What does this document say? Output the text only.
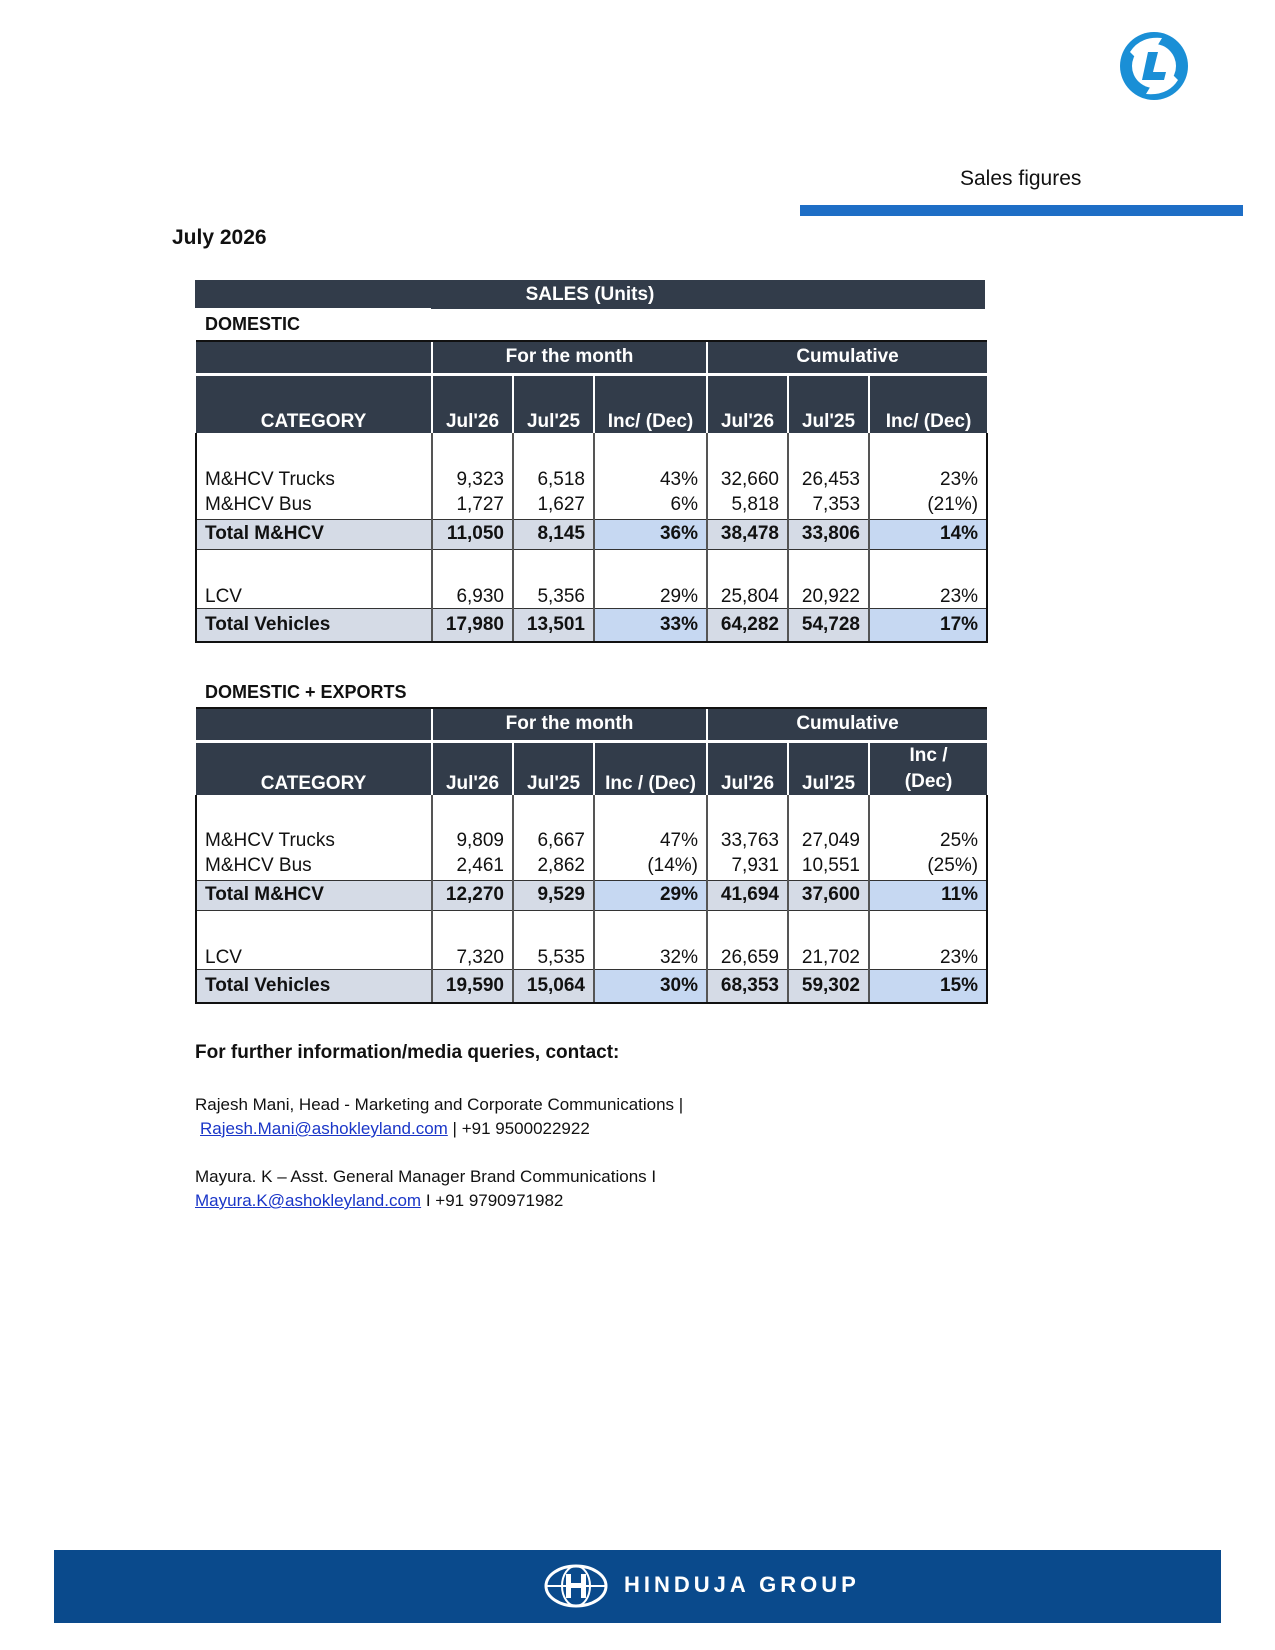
Sales figures
July 2026
SALES (Units)
DOMESTIC
	For the month			Cumulative		
CATEGORY	Jul'26	Jul'25	Inc/ (Dec)	Jul'26	Jul'25	Inc/ (Dec)
M&HCV Trucks	9,323	6,518	43%	32,660	26,453	23%
M&HCV Bus	1,727	1,627	6%	5,818	7,353	(21%)
Total M&HCV	11,050	8,145	36%	38,478	33,806	14%
LCV	6,930	5,356	29%	25,804	20,922	23%
Total Vehicles	17,980	13,501	33%	64,282	54,728	17%
DOMESTIC + EXPORTS
	For the month			Cumulative		
CATEGORY	Jul'26	Jul'25	Inc / (Dec)	Jul'26	Jul'25	Inc / (Dec)
M&HCV Trucks	9,809	6,667	47%	33,763	27,049	25%
M&HCV Bus	2,461	2,862	(14%)	7,931	10,551	(25%)
Total M&HCV	12,270	9,529	29%	41,694	37,600	11%
LCV	7,320	5,535	32%	26,659	21,702	23%
Total Vehicles	19,590	15,064	30%	68,353	59,302	15%
For further information/media queries, contact:
Rajesh Mani, Head - Marketing and Corporate Communications |
Rajesh.Mani@ashokleyland.com | +91 9500022922
Mayura. K – Asst. General Manager Brand Communications I
Mayura.K@ashokleyland.com I +91 9790971982
HINDUJA GROUP
